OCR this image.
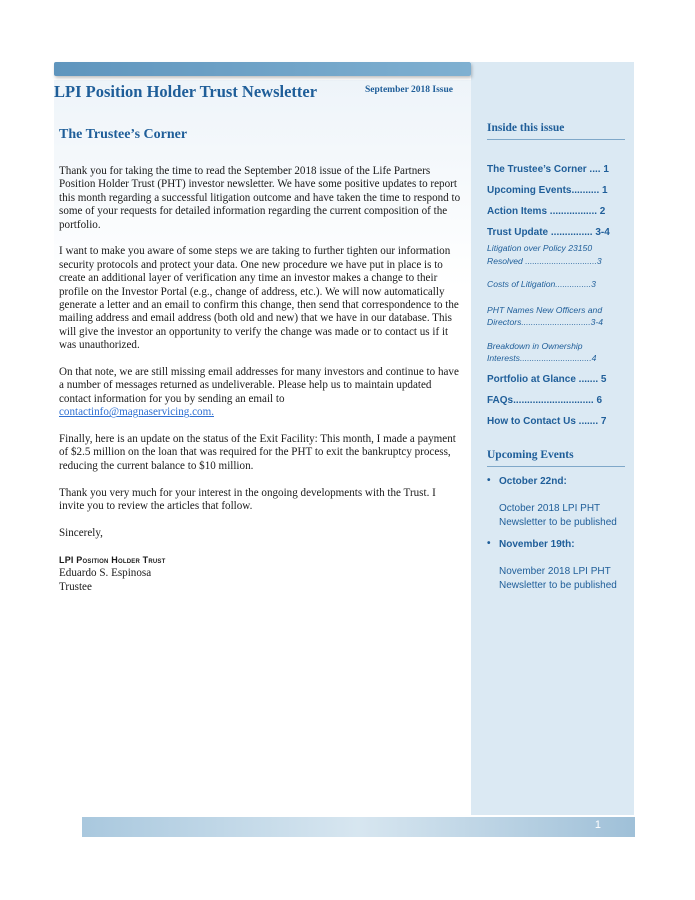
LPI Position Holder Trust Newsletter	September 2018 Issue
The Trustee’s Corner

Thank you for taking the time to read the September 2018 issue of the Life Partners Position Holder Trust (PHT) investor newsletter. We have some positive updates to report this month regarding a successful litigation outcome and have taken the time to respond to some of your requests for detailed information regarding the current composition of the portfolio.

I want to make you aware of some steps we are taking to further tighten our information security protocols and protect your data. One new procedure we have put in place is to create an additional layer of verification any time an investor makes a change to their profile on the Investor Portal (e.g., change of address, etc.). We will now automatically generate a letter and an email to confirm this change, then send that correspondence to the mailing address and email address (both old and new) that we have in our database. This will give the investor an opportunity to verify the change was made or to contact us if it was unauthorized.

On that note, we are still missing email addresses for many investors and continue to have a number of messages returned as undeliverable. Please help us to maintain updated contact information for you by sending an email to
contactinfo@magnaservicing.com.

Finally, here is an update on the status of the Exit Facility: This month, I made a payment of $2.5 million on the loan that was required for the PHT to exit the bankruptcy process, reducing the current balance to $10 million.

Thank you very much for your interest in the ongoing developments with the Trust. I invite you to review the articles that follow.

Sincerely,

LPI Position Holder Trust
Eduardo S. Espinosa
Trustee
Inside this issue
The Trustee’s Corner .... 1
Upcoming Events.......... 1
Action Items ................. 2
Trust Update ............... 3-4
Litigation over Policy 23150
Resolved ..............................3
Costs of Litigation...............3
PHT Names New Officers and
Directors.............................3-4
Breakdown in Ownership
Interests..............................4
Portfolio at Glance ....... 5
FAQs............................. 6
How to Contact Us ....... 7
Upcoming Events
• October 22nd:
October 2018 LPI PHT Newsletter to be published
• November 19th:
November 2018 LPI PHT Newsletter to be published
1
